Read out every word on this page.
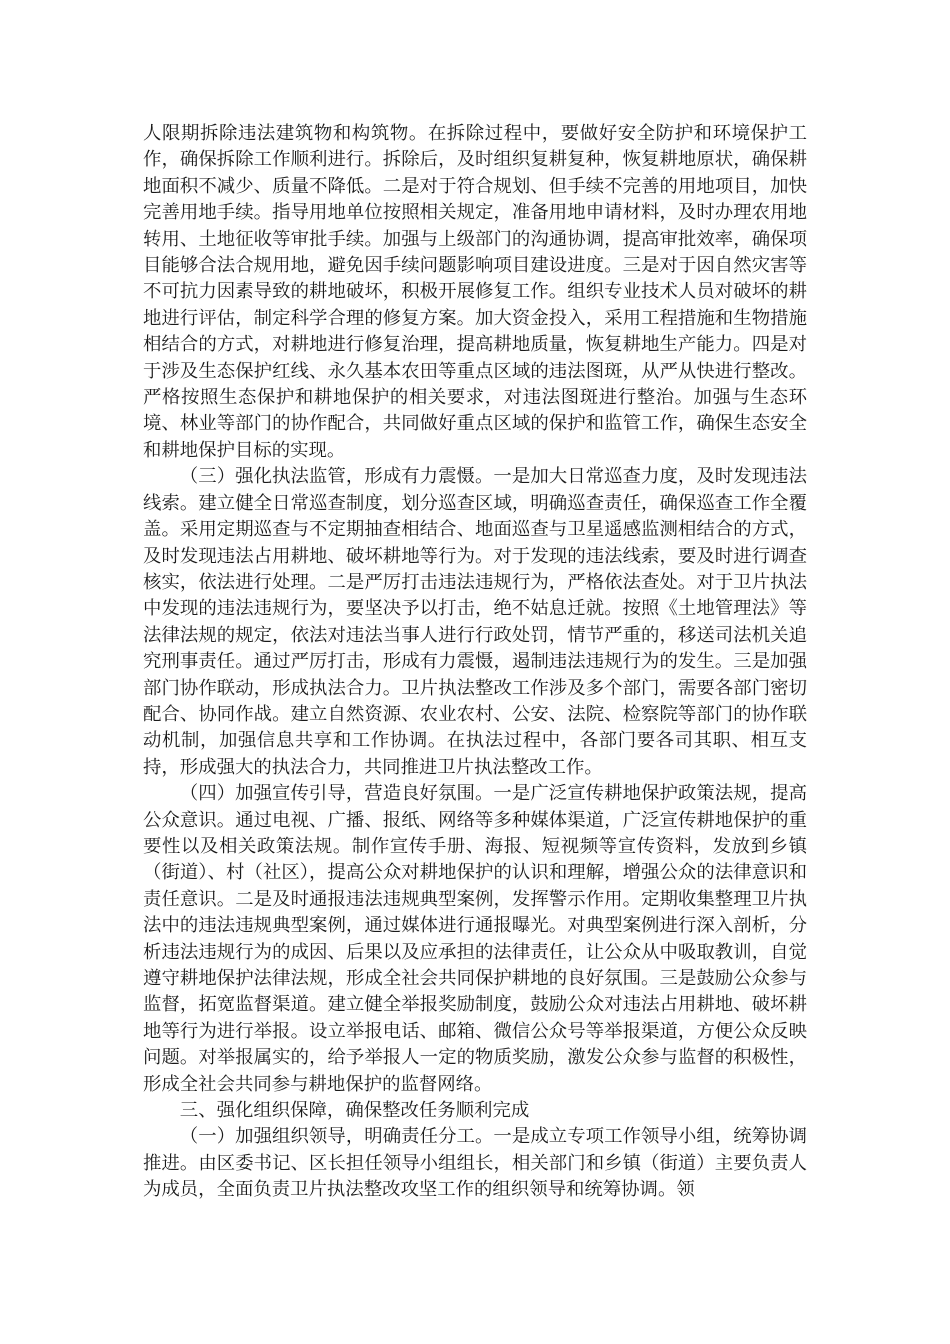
人限期拆除违法建筑物和构筑物。在拆除过程中，要做好安全防护和环境保护工作，确保拆除工作顺利进行。拆除后，及时组织复耕复种，恢复耕地原状，确保耕地面积不减少、质量不降低。二是对于符合规划、但手续不完善的用地项目，加快完善用地手续。指导用地单位按照相关规定，准备用地申请材料，及时办理农用地转用、土地征收等审批手续。加强与上级部门的沟通协调，提高审批效率，确保项目能够合法合规用地，避免因手续问题影响项目建设进度。三是对于因自然灾害等不可抗力因素导致的耕地破坏，积极开展修复工作。组织专业技术人员对破坏的耕地进行评估，制定科学合理的修复方案。加大资金投入，采用工程措施和生物措施相结合的方式，对耕地进行修复治理，提高耕地质量，恢复耕地生产能力。四是对于涉及生态保护红线、永久基本农田等重点区域的违法图斑，从严从快进行整改。严格按照生态保护和耕地保护的相关要求，对违法图斑进行整治。加强与生态环境、林业等部门的协作配合，共同做好重点区域的保护和监管工作，确保生态安全和耕地保护目标的实现。

（三）强化执法监管，形成有力震慑。一是加大日常巡查力度，及时发现违法线索。建立健全日常巡查制度，划分巡查区域，明确巡查责任，确保巡查工作全覆盖。采用定期巡查与不定期抽查相结合、地面巡查与卫星遥感监测相结合的方式，及时发现违法占用耕地、破坏耕地等行为。对于发现的违法线索，要及时进行调查核实，依法进行处理。二是严厉打击违法违规行为，严格依法查处。对于卫片执法中发现的违法违规行为，要坚决予以打击，绝不姑息迁就。按照《土地管理法》等法律法规的规定，依法对违法当事人进行行政处罚，情节严重的，移送司法机关追究刑事责任。通过严厉打击，形成有力震慑，遏制违法违规行为的发生。三是加强部门协作联动，形成执法合力。卫片执法整改工作涉及多个部门，需要各部门密切配合、协同作战。建立自然资源、农业农村、公安、法院、检察院等部门的协作联动机制，加强信息共享和工作协调。在执法过程中，各部门要各司其职、相互支持，形成强大的执法合力，共同推进卫片执法整改工作。

（四）加强宣传引导，营造良好氛围。一是广泛宣传耕地保护政策法规，提高公众意识。通过电视、广播、报纸、网络等多种媒体渠道，广泛宣传耕地保护的重要性以及相关政策法规。制作宣传手册、海报、短视频等宣传资料，发放到乡镇（街道）、村（社区），提高公众对耕地保护的认识和理解，增强公众的法律意识和责任意识。二是及时通报违法违规典型案例，发挥警示作用。定期收集整理卫片执法中的违法违规典型案例，通过媒体进行通报曝光。对典型案例进行深入剖析，分析违法违规行为的成因、后果以及应承担的法律责任，让公众从中吸取教训，自觉遵守耕地保护法律法规，形成全社会共同保护耕地的良好氛围。三是鼓励公众参与监督，拓宽监督渠道。建立健全举报奖励制度，鼓励公众对违法占用耕地、破坏耕地等行为进行举报。设立举报电话、邮箱、微信公众号等举报渠道，方便公众反映问题。对举报属实的，给予举报人一定的物质奖励，激发公众参与监督的积极性，形成全社会共同参与耕地保护的监督网络。

三、强化组织保障，确保整改任务顺利完成

（一）加强组织领导，明确责任分工。一是成立专项工作领导小组，统筹协调推进。由区委书记、区长担任领导小组组长，相关部门和乡镇（街道）主要负责人为成员，全面负责卫片执法整改攻坚工作的组织领导和统筹协调。领
